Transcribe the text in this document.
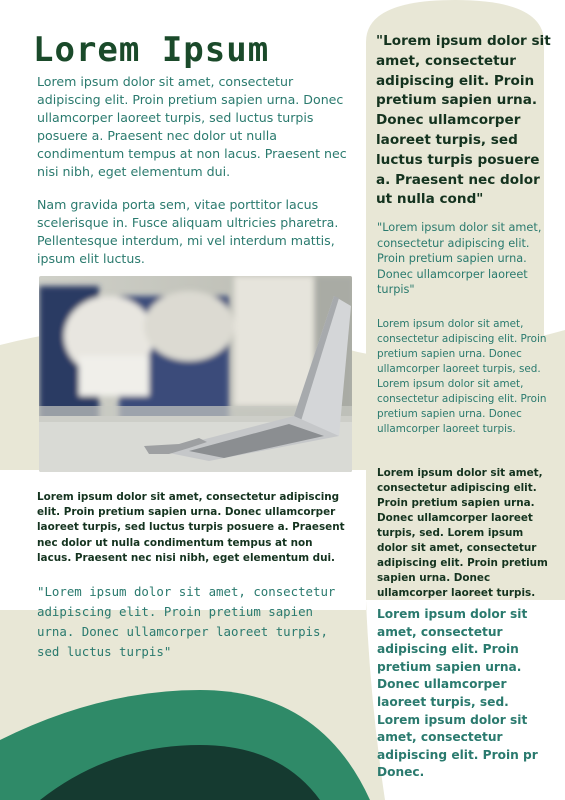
Lorem Ipsum
Lorem ipsum dolor sit amet, consectetur adipiscing elit. Proin pretium sapien urna. Donec ullamcorper laoreet turpis, sed luctus turpis posuere a. Praesent nec dolor ut nulla condimentum tempus at non lacus. Praesent nec nisi nibh, eget elementum dui.
Nam gravida porta sem, vitae porttitor lacus scelerisque in. Fusce aliquam ultricies pharetra. Pellentesque interdum, mi vel interdum mattis, ipsum elit luctus.
Lorem ipsum dolor sit amet, consectetur adipiscing elit. Proin pretium sapien urna. Donec ullamcorper laoreet turpis, sed luctus turpis posuere a. Praesent nec dolor ut nulla condimentum tempus at non lacus. Praesent nec nisi nibh, eget elementum dui.
"Lorem ipsum dolor sit amet, consectetur adipiscing elit. Proin pretium sapien urna. Donec ullamcorper laoreet turpis, sed luctus turpis"
"Lorem ipsum dolor sit amet, consectetur adipiscing elit. Proin pretium sapien urna. Donec ullamcorper laoreet turpis, sed luctus turpis posuere a. Praesent nec dolor ut nulla cond"
"Lorem ipsum dolor sit amet, consectetur adipiscing elit. Proin pretium sapien urna. Donec ullamcorper laoreet turpis"
Lorem ipsum dolor sit amet, consectetur adipiscing elit. Proin pretium sapien urna. Donec ullamcorper laoreet turpis, sed. Lorem ipsum dolor sit amet, consectetur adipiscing elit. Proin pretium sapien urna. Donec ullamcorper laoreet turpis.
Lorem ipsum dolor sit amet, consectetur adipiscing elit. Proin pretium sapien urna. Donec ullamcorper laoreet turpis, sed. Lorem ipsum dolor sit amet, consectetur adipiscing elit. Proin pretium sapien urna. Donec ullamcorper laoreet turpis.
Lorem ipsum dolor sit amet, consectetur adipiscing elit. Proin pretium sapien urna. Donec ullamcorper laoreet turpis, sed. Lorem ipsum dolor sit amet, consectetur adipiscing elit. Proin pr Donec.
